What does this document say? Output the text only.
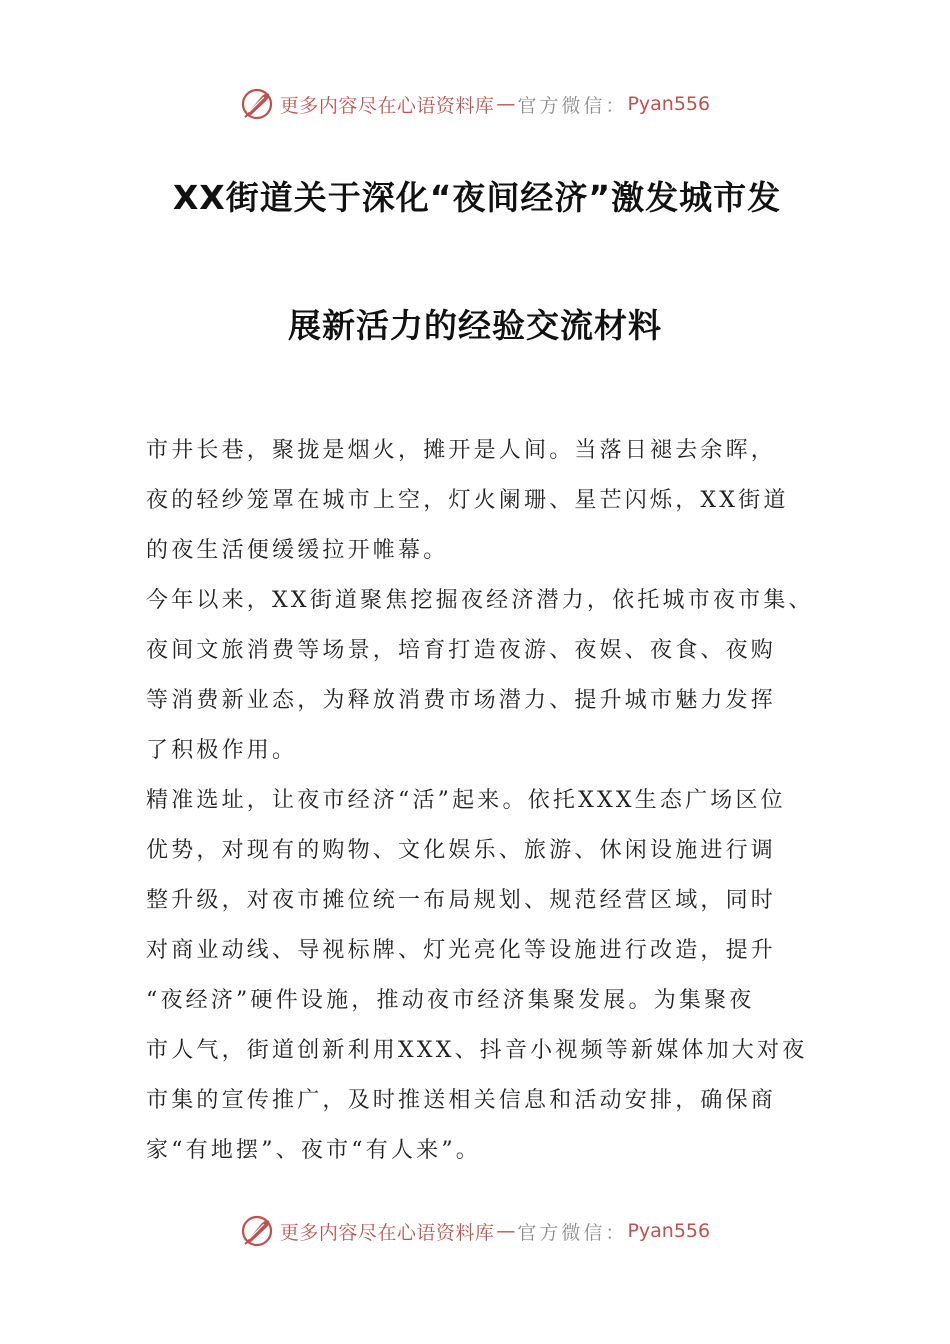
更多内容尽在心语资料库 — 官方微信： Pyan556
XX街道关于深化“夜间经济”激发城市发
展新活力的经验交流材料
市井长巷，聚拢是烟火，摊开是人间。当落日褪去余晖，
夜的轻纱笼罩在城市上空，灯火阑珊、星芒闪烁，XX街道
的夜生活便缓缓拉开帷幕。
今年以来，XX街道聚焦挖掘夜经济潜力，依托城市夜市集、
夜间文旅消费等场景，培育打造夜游、夜娱、夜食、夜购
等消费新业态，为释放消费市场潜力、提升城市魅力发挥
了积极作用。
精准选址，让夜市经济“活”起来。依托XXX生态广场区位
优势，对现有的购物、文化娱乐、旅游、休闲设施进行调
整升级，对夜市摊位统一布局规划、规范经营区域，同时
对商业动线、导视标牌、灯光亮化等设施进行改造，提升
“夜经济”硬件设施，推动夜市经济集聚发展。为集聚夜
市人气，街道创新利用XXX、抖音小视频等新媒体加大对夜
市集的宣传推广，及时推送相关信息和活动安排，确保商
家“有地摆”、夜市“有人来”。
更多内容尽在心语资料库 — 官方微信： Pyan556
